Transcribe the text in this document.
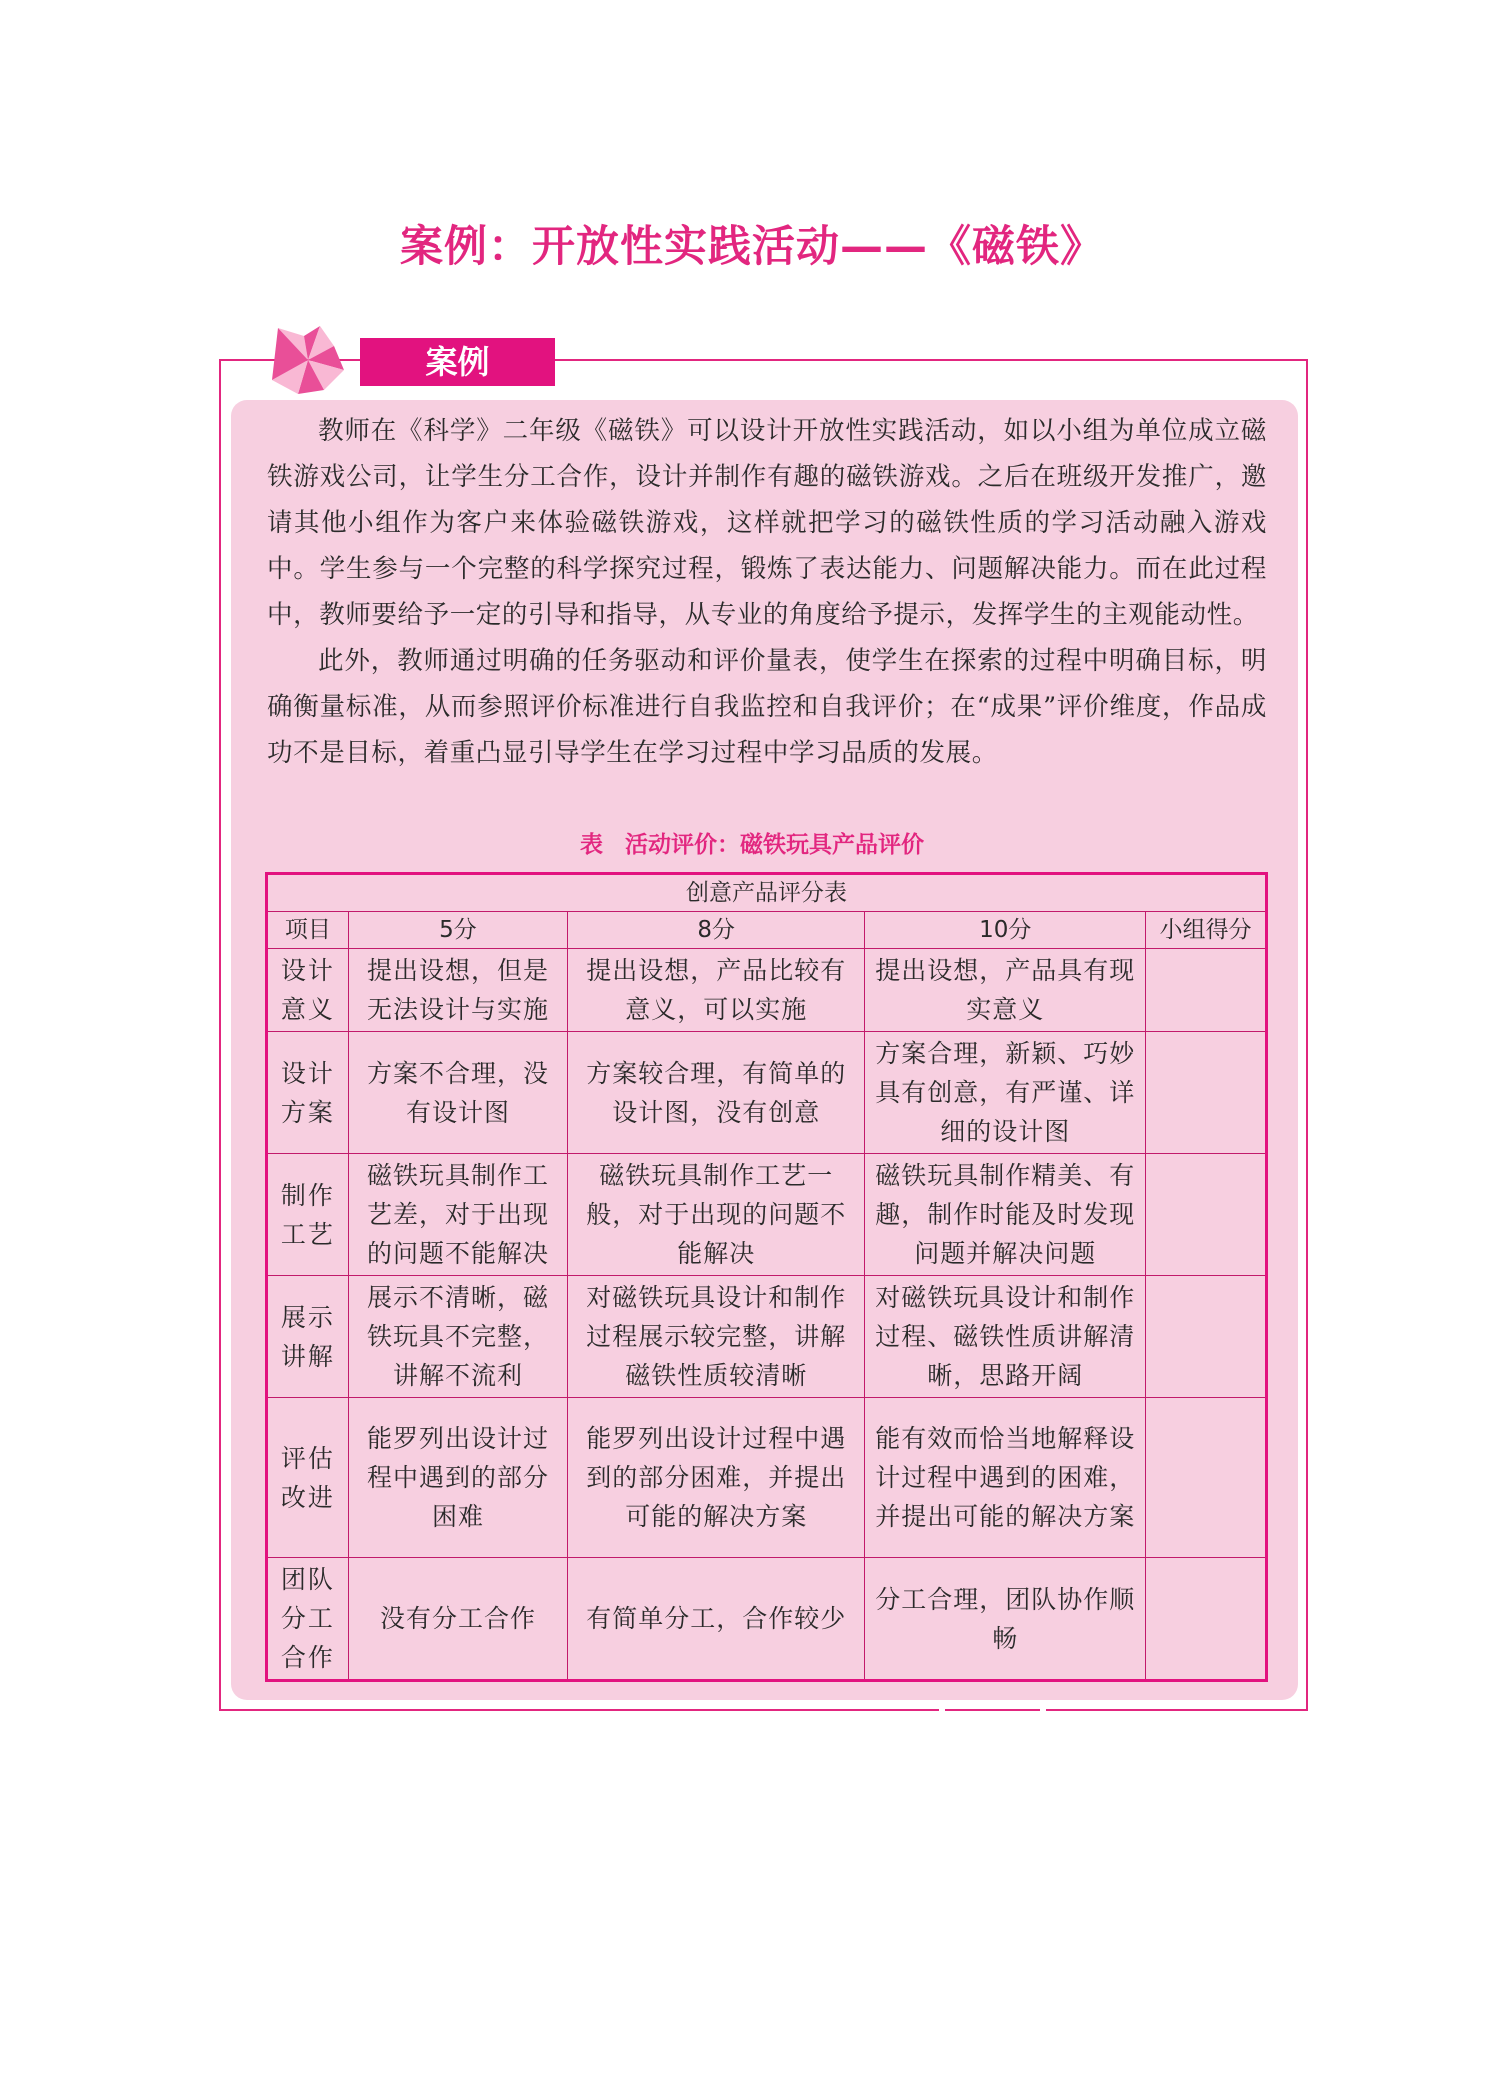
案例：开放性实践活动——《磁铁》
案例

教师在《科学》二年级《磁铁》可以设计开放性实践活动，如以小组为单位成立磁铁游戏公司，让学生分工合作，设计并制作有趣的磁铁游戏。之后在班级开发推广，邀请其他小组作为客户来体验磁铁游戏，这样就把学习的磁铁性质的学习活动融入游戏中。学生参与一个完整的科学探究过程，锻炼了表达能力、问题解决能力。而在此过程中，教师要给予一定的引导和指导，从专业的角度给予提示，发挥学生的主观能动性。

此外，教师通过明确的任务驱动和评价量表，使学生在探索的过程中明确目标，明确衡量标准，从而参照评价标准进行自我监控和自我评价；在“成果”评价维度，作品成功不是目标，着重凸显引导学生在学习过程中学习品质的发展。

表 活动评价：磁铁玩具产品评价
创意产品评分表				
项目	5分	8分	10分	小组得分
设计意义	提出设想，但是无法设计与实施	提出设想，产品比较有意义，可以实施	提出设想，产品具有现实意义	
设计方案	方案不合理，没有设计图	方案较合理，有简单的设计图，没有创意	方案合理，新颖、巧妙具有创意，有严谨、详细的设计图	
制作工艺	磁铁玩具制作工艺差，对于出现的问题不能解决	磁铁玩具制作工艺一般，对于出现的问题不能解决	磁铁玩具制作精美、有趣，制作时能及时发现问题并解决问题	
展示讲解	展示不清晰，磁铁玩具不完整，讲解不流利	对磁铁玩具设计和制作过程展示较完整，讲解磁铁性质较清晰	对磁铁玩具设计和制作过程、磁铁性质讲解清晰，思路开阔	
评估改进	能罗列出设计过程中遇到的部分困难	能罗列出设计过程中遇到的部分困难，并提出可能的解决方案	能有效而恰当地解释设计过程中遇到的困难，并提出可能的解决方案	
团队分工合作	没有分工合作	有简单分工，合作较少	分工合理，团队协作顺畅	
